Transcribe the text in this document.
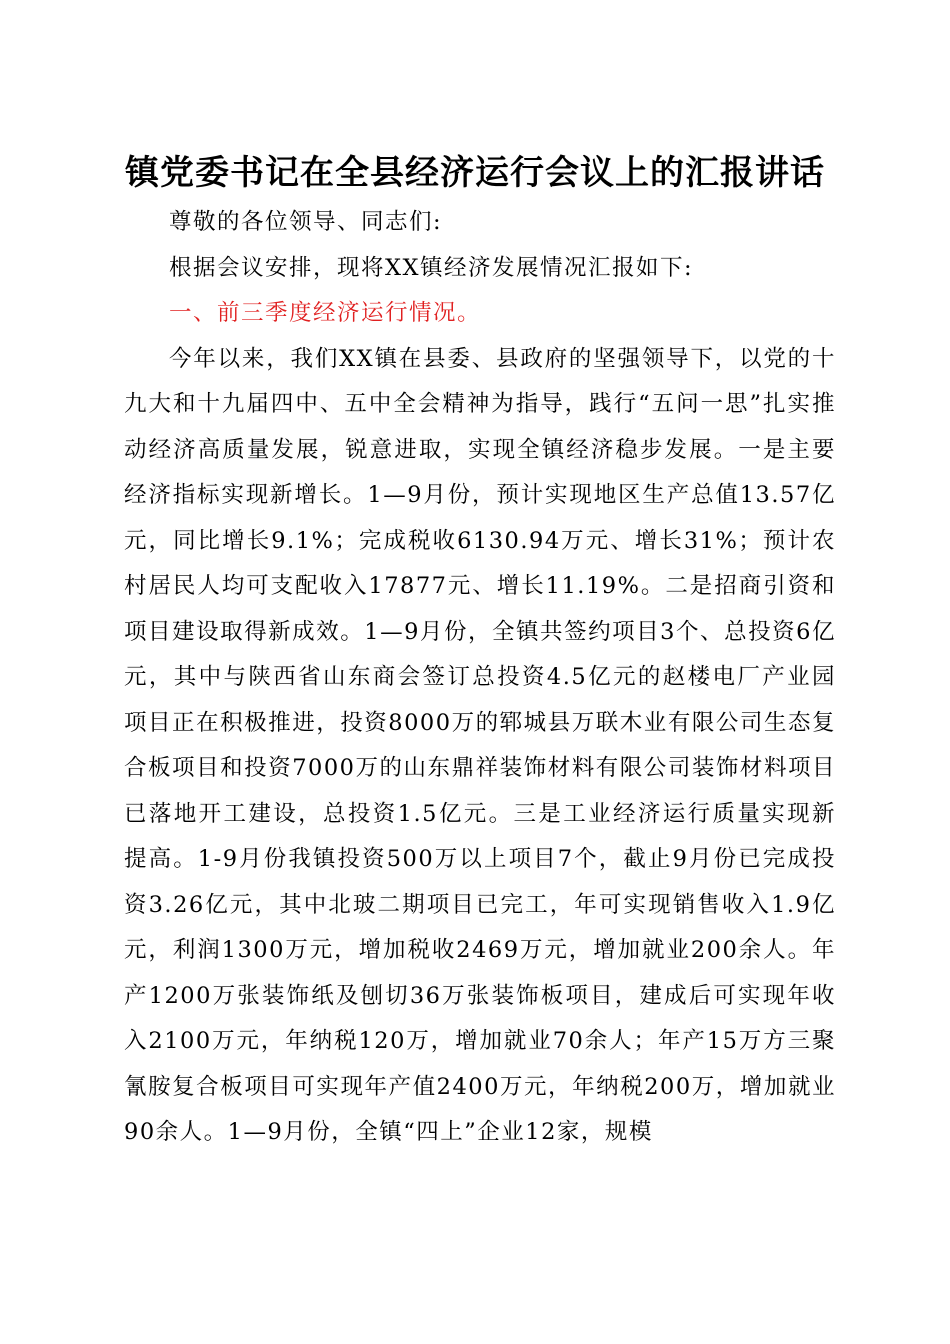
镇党委书记在全县经济运行会议上的汇报讲话

尊敬的各位领导、同志们:

根据会议安排，现将XX镇经济发展情况汇报如下:

一、前三季度经济运行情况。

今年以来，我们XX镇在县委、县政府的坚强领导下，以党的十九大和十九届四中、五中全会精神为指导，践行“五问一思”扎实推动经济高质量发展，锐意进取，实现全镇经济稳步发展。一是主要经济指标实现新增长。1—9月份，预计实现地区生产总值13.57亿元，同比增长9.1%；完成税收6130.94万元、增长31%；预计农村居民人均可支配收入17877元、增长11.19%。二是招商引资和项目建设取得新成效。1—9月份，全镇共签约项目3个、总投资6亿元，其中与陕西省山东商会签订总投资4.5亿元的赵楼电厂产业园项目正在积极推进，投资8000万的郓城县万联木业有限公司生态复合板项目和投资7000万的山东鼎祥装饰材料有限公司装饰材料项目已落地开工建设，总投资1.5亿元。三是工业经济运行质量实现新提高。1-9月份我镇投资500万以上项目7个，截止9月份已完成投资3.26亿元，其中北玻二期项目已完工，年可实现销售收入1.9亿元，利润1300万元，增加税收2469万元，增加就业200余人。年产1200万张装饰纸及刨切36万张装饰板项目，建成后可实现年收入2100万元，年纳税120万，增加就业70余人；年产15万方三聚氰胺复合板项目可实现年产值2400万元，年纳税200万，增加就业90余人。1—9月份，全镇“四上”企业12家，规模
